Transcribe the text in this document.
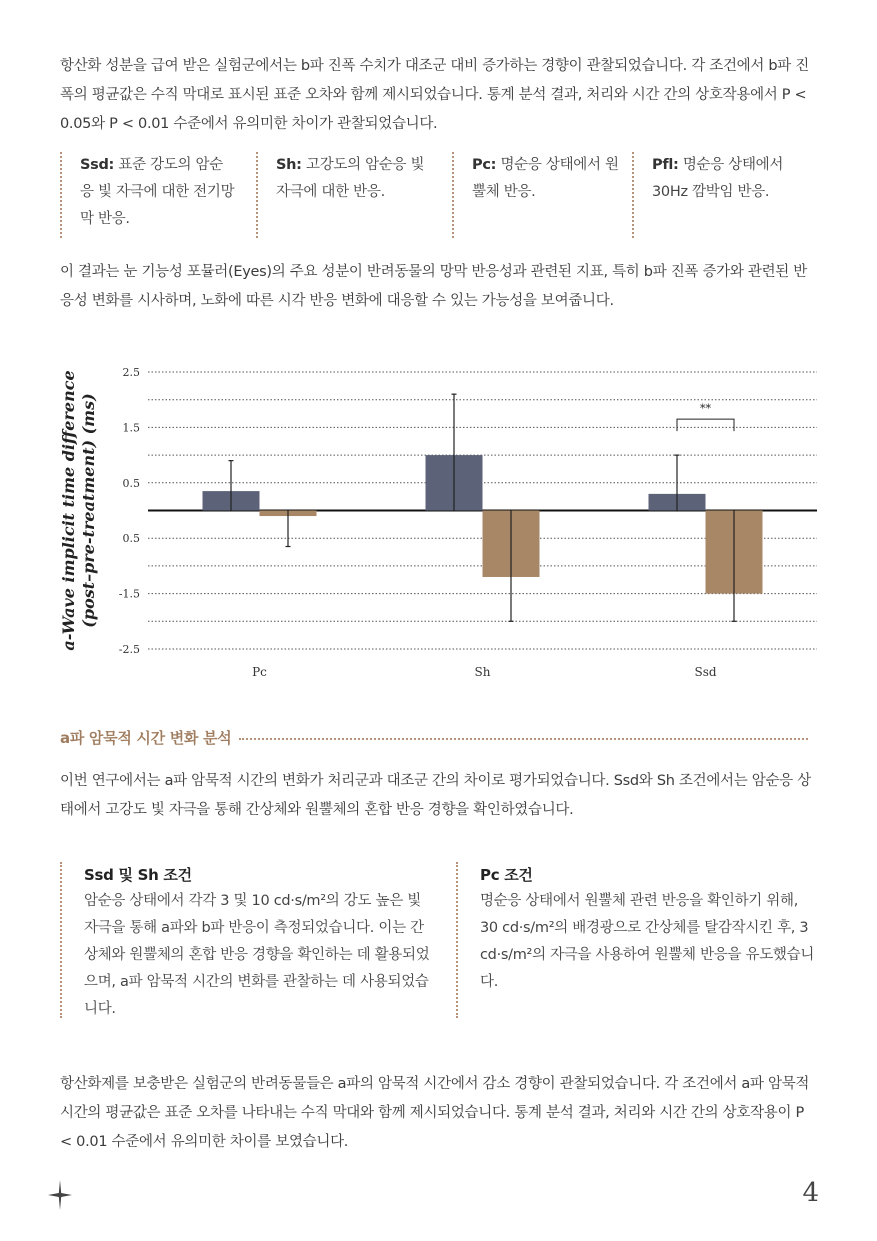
항산화 성분을 급여 받은 실험군에서는 b파 진폭 수치가 대조군 대비 증가하는 경향이 관찰되었습니다. 각 조건에서 b파 진폭의 평균값은 수직 막대로 표시된 표준 오차와 함께 제시되었습니다. 통계 분석 결과, 처리와 시간 간의 상호작용에서 P < 0.05와 P < 0.01 수준에서 유의미한 차이가 관찰되었습니다.

Ssd: 표준 강도의 암순응 빛 자극에 대한 전기망막 반응.
Sh: 고강도의 암순응 빛 자극에 대한 반응.
Pc: 명순응 상태에서 원뿔체 반응.
Pfl: 명순응 상태에서 30Hz 깜박임 반응.

이 결과는 눈 기능성 포뮬러(Eyes)의 주요 성분이 반려동물의 망막 반응성과 관련된 지표, 특히 b파 진폭 증가와 관련된 반응성 변화를 시사하며, 노화에 따른 시각 반응 변화에 대응할 수 있는 가능성을 보여줍니다.

2.5
1.5
0.5
0.5
-1.5
-2.5
a-Wave implicit time difference (post–pre-treatment) (ms)
Pc	Sh	Ssd
**
a파 암묵적 시간 변화 분석

이번 연구에서는 a파 암묵적 시간의 변화가 처리군과 대조군 간의 차이로 평가되었습니다. Ssd와 Sh 조건에서는 암순응 상태에서 고강도 빛 자극을 통해 간상체와 원뿔체의 혼합 반응 경향을 확인하였습니다.

Ssd 및 Sh 조건

암순응 상태에서 각각 3 및 10 cd·s/m²의 강도 높은 빛 자극을 통해 a파와 b파 반응이 측정되었습니다. 이는 간상체와 원뿔체의 혼합 반응 경향을 확인하는 데 활용되었으며, a파 암묵적 시간의 변화를 관찰하는 데 사용되었습니다.

Pc 조건

명순응 상태에서 원뿔체 관련 반응을 확인하기 위해, 30 cd·s/m²의 배경광으로 간상체를 탈감작시킨 후, 3 cd·s/m²의 자극을 사용하여 원뿔체 반응을 유도했습니다.

항산화제를 보충받은 실험군의 반려동물들은 a파의 암묵적 시간에서 감소 경향이 관찰되었습니다. 각 조건에서 a파 암묵적 시간의 평균값은 표준 오차를 나타내는 수직 막대와 함께 제시되었습니다. 통계 분석 결과, 처리와 시간 간의 상호작용이 P < 0.01 수준에서 유의미한 차이를 보였습니다.

4
